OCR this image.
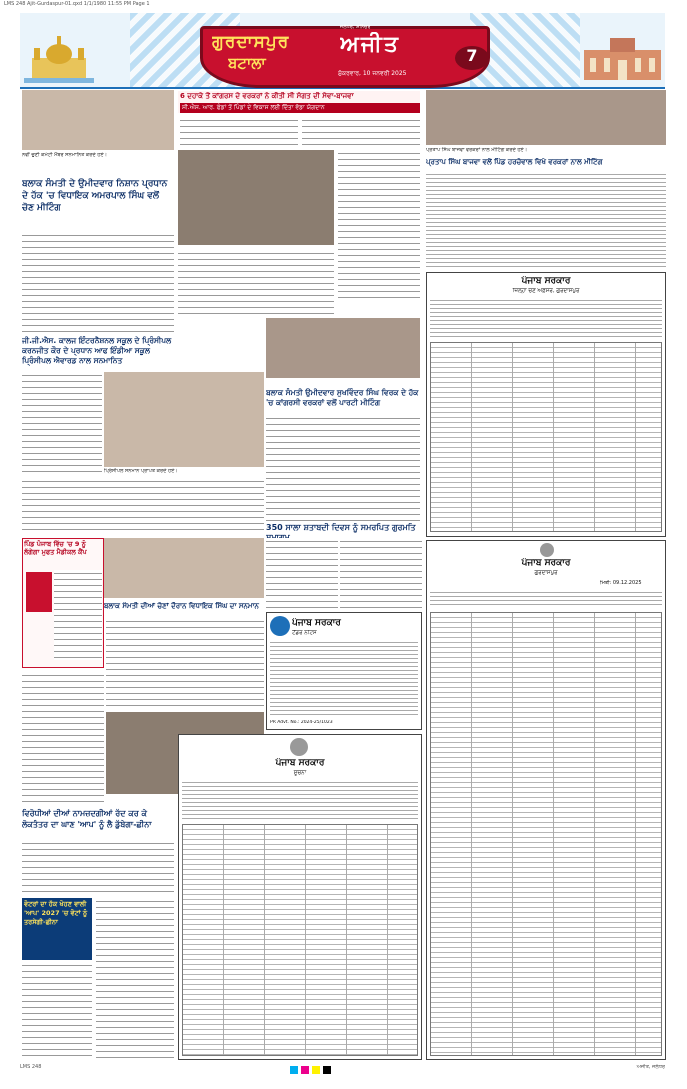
LMS 248 Ajit-Gurdaspur-01.qxd 1/1/1980 11:55 PM Page 1
ਜਲੰਧਰ, ਸ਼ਨਿੱਚਰ
ਗੁਰਦਾਸਪੁਰ
ਬਟਾਲਾ
ਅਜੀਤ
ਸ਼ੁੱਕਰਵਾਰ, 10 ਜਨਵਰੀ 2025
7
ਨਵੀਂ ਚੁਣੀ ਕਮੇਟੀ ਮੈਂਬਰ ਸਨਮਾਨਿਤ ਕਰਦੇ ਹੋਏ।
6 ਦਹਾਕੇ ਤੋਂ ਕਾਂਗਰਸ ਦੇ ਵਰਕਰਾਂ ਨੇ ਕੀਤੀ ਸੀ ਸੰਗਤ ਦੀ ਸੇਵਾ-ਬਾਜਵਾ
ਸੀ.ਐਸ. ਆਰ. ਫੰਡਾਂ ਤੋਂ ਪਿੰਡਾਂ ਦੇ ਵਿਕਾਸ ਲਈ ਦਿੱਤਾ ਵੱਡਾ ਯੋਗਦਾਨ
ਪ੍ਰਤਾਪ ਸਿੰਘ ਬਾਜਵਾ ਵਰਕਰਾਂ ਨਾਲ ਮੀਟਿੰਗ ਕਰਦੇ ਹੋਏ।
ਪ੍ਰਤਾਪ ਸਿੰਘ ਬਾਜਵਾ ਵਲੋਂ ਪਿੰਡ ਹਰਚੋਵਾਲ ਵਿਖੇ ਵਰਕਰਾਂ ਨਾਲ ਮੀਟਿੰਗ
ਬਲਾਕ ਸੰਮਤੀ ਦੇ ਉਮੀਦਵਾਰ ਨਿਸ਼ਾਨ ਪ੍ਰਧਾਨ ਦੇ ਹੱਕ 'ਚ ਵਿਧਾਇਕ ਅਮਰਪਾਲ ਸਿੰਘ ਵਲੋਂ ਚੋਣ ਮੀਟਿੰਗ
ਜੀ.ਜੀ.ਐਸ. ਕਾਲਜ ਇੰਟਰਨੈਸ਼ਨਲ ਸਕੂਲ ਦੇ ਪ੍ਰਿੰਸੀਪਲ ਕਰਨਜੀਤ ਕੌਰ ਦੇ ਪ੍ਰਧਾਨ ਆਫ ਇੰਡੀਆ ਸਕੂਲ ਪ੍ਰਿੰਸੀਪਲ ਐਵਾਰਡ ਨਾਲ ਸਨਮਾਨਿਤ
ਪ੍ਰਿੰਸੀਪਲ ਸਨਮਾਨ ਪ੍ਰਾਪਤ ਕਰਦੇ ਹੋਏ।
ਬਲਾਕ ਸੰਮਤੀ ਉਮੀਦਵਾਰ ਸੁਖਵਿੰਦਰ ਸਿੰਘ ਵਿਰਕ ਦੇ ਹੱਕ 'ਚ ਕਾਂਗਰਸੀ ਵਰਕਰਾਂ ਵਲੋਂ ਪਾਰਟੀ ਮੀਟਿੰਗ
350 ਸਾਲਾ ਸ਼ਤਾਬਦੀ ਦਿਵਸ ਨੂੰ ਸਮਰਪਿਤ ਗੁਰਮਤਿ
ਪੰਜਾਬ ਸਰਕਾਰ
ਜ਼ਿਲ੍ਹਾ ਚੋਣ ਅਫ਼ਸਰ, ਗੁਰਦਾਸਪੁਰ
ਪਿੰਡ ਪੰਜਾਬ ਵਿੱਚ 'ਚ 9 ਨੂੰ ਲੱਗੇਗਾ ਮੁਫਤ ਮੈਡੀਕਲ ਕੈਂਪ
ਪੰਜਾਬ ਸਰਕਾਰ
ਟੈਂਡਰ ਨੋਟਿਸ
PR Advt. No.: 2024-25/1023
ਬਲਾਕ ਸੰਮਤੀ ਦੀਆਂ ਚੋਣਾਂ ਦੌਰਾਨ ਵਿਧਾਇਕ ਸਿੰਘ ਦਾ ਸਨਮਾਨ
ਵਿਰੋਧੀਆਂ ਦੀਆਂ ਨਾਮਜ਼ਦਗੀਆਂ ਰੱਦ ਕਰ ਕੇ ਲੋਕਤੰਤਰ ਦਾ ਘਾਣ 'ਆਪ' ਨੂੰ ਲੈ ਡੁੱਬੇਗਾ-ਛੀਨਾ
ਵੋਟਰਾਂ ਦਾ ਹੱਕ ਖੋਹਣ ਵਾਲੀ 'ਆਪ' 2027 'ਚ ਵੋਟਾਂ ਨੂੰ ਤਰਸੇਗੀ-ਛੀਨਾ
ਪੰਜਾਬ ਸਰਕਾਰ
ਸੂਚਨਾ
ਪੰਜਾਬ ਸਰਕਾਰ
ਗੁਰਦਾਸਪੁਰ
ਮਿਤੀ: 09.12.2025
LMS 248	ਅਜੀਤ, ਜਲੰਧਰ
